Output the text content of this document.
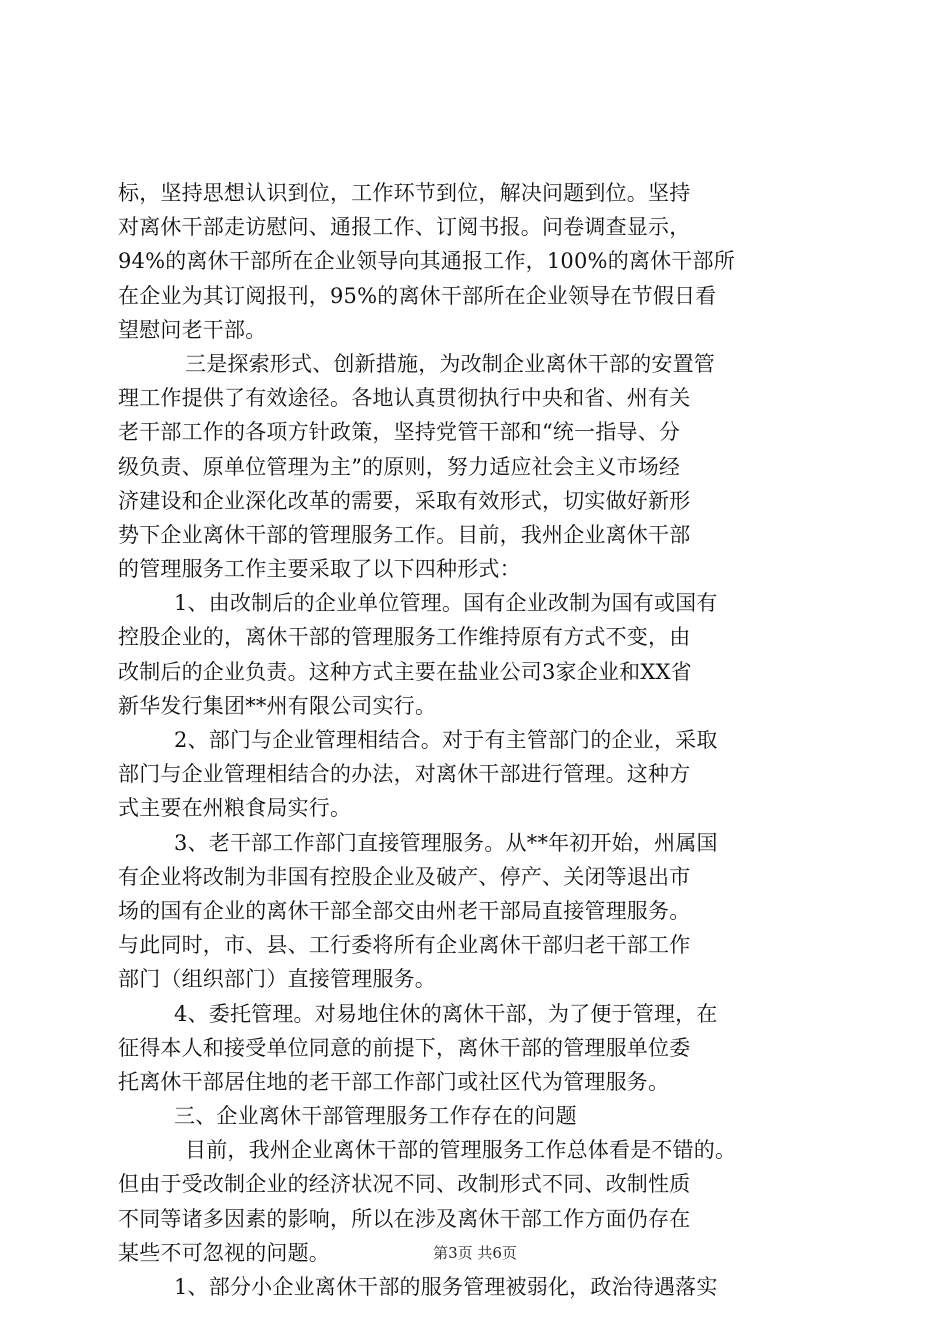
标，坚持思想认识到位，工作环节到位，解决问题到位。坚持
对离休干部走访慰问、通报工作、订阅书报。问卷调查显示，
94%的离休干部所在企业领导向其通报工作，100%的离休干部所
在企业为其订阅报刊，95%的离休干部所在企业领导在节假日看
望慰问老干部。
三是探索形式、创新措施，为改制企业离休干部的安置管
理工作提供了有效途径。各地认真贯彻执行中央和省、州有关
老干部工作的各项方针政策，坚持党管干部和“统一指导、分
级负责、原单位管理为主”的原则，努力适应社会主义市场经
济建设和企业深化改革的需要，采取有效形式，切实做好新形
势下企业离休干部的管理服务工作。目前，我州企业离休干部
的管理服务工作主要采取了以下四种形式：
1、由改制后的企业单位管理。国有企业改制为国有或国有
控股企业的，离休干部的管理服务工作维持原有方式不变，由
改制后的企业负责。这种方式主要在盐业公司3家企业和XX省
新华发行集团**州有限公司实行。
2、部门与企业管理相结合。对于有主管部门的企业，采取
部门与企业管理相结合的办法，对离休干部进行管理。这种方
式主要在州粮食局实行。
3、老干部工作部门直接管理服务。从**年初开始，州属国
有企业将改制为非国有控股企业及破产、停产、关闭等退出市
场的国有企业的离休干部全部交由州老干部局直接管理服务。
与此同时，市、县、工行委将所有企业离休干部归老干部工作
部门（组织部门）直接管理服务。
4、委托管理。对易地住休的离休干部，为了便于管理，在
征得本人和接受单位同意的前提下，离休干部的管理服单位委
托离休干部居住地的老干部工作部门或社区代为管理服务。
三、企业离休干部管理服务工作存在的问题
目前，我州企业离休干部的管理服务工作总体看是不错的。
但由于受改制企业的经济状况不同、改制形式不同、改制性质
不同等诸多因素的影响，所以在涉及离休干部工作方面仍存在
某些不可忽视的问题。
1、部分小企业离休干部的服务管理被弱化，政治待遇落实
第3页 共6页
